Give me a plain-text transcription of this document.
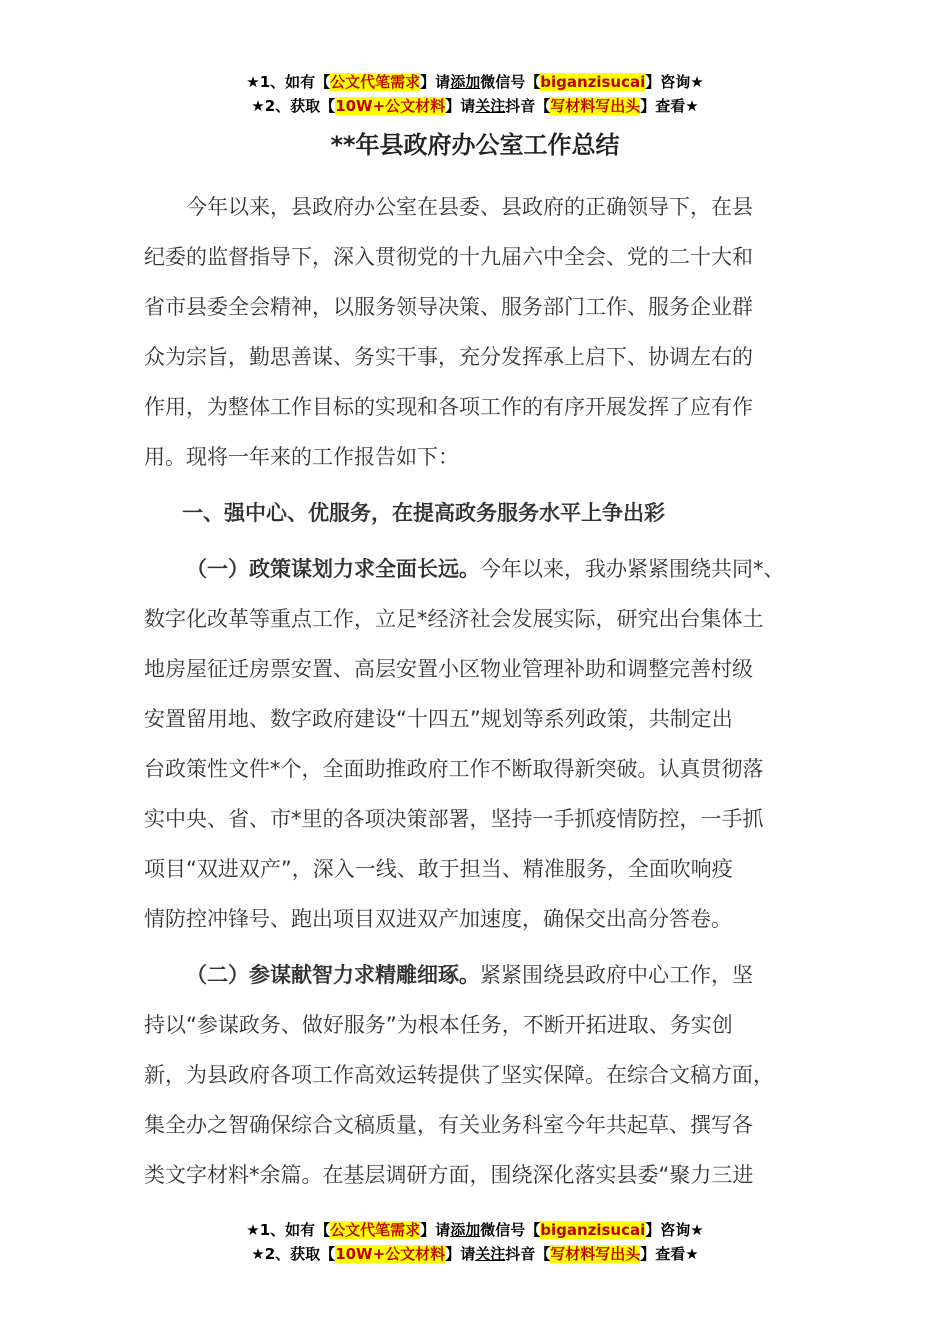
★1、如有【公文代笔需求】请添加微信号【biganzisucai】咨询★
★2、获取【10W+公文材料】请关注抖音【写材料写出头】查看★
**年县政府办公室工作总结

今年以来，县政府办公室在县委、县政府的正确领导下，在县
纪委的监督指导下，深入贯彻党的十九届六中全会、党的二十大和
省市县委全会精神，以服务领导决策、服务部门工作、服务企业群
众为宗旨，勤思善谋、务实干事，充分发挥承上启下、协调左右的
作用，为整体工作目标的实现和各项工作的有序开展发挥了应有作
用。现将一年来的工作报告如下：

一、强中心、优服务，在提高政务服务水平上争出彩

（一）政策谋划力求全面长远。今年以来，我办紧紧围绕共同*、
数字化改革等重点工作，立足*经济社会发展实际，研究出台集体土
地房屋征迁房票安置、高层安置小区物业管理补助和调整完善村级
安置留用地、数字政府建设“十四五”规划等系列政策，共制定出
台政策性文件*个，全面助推政府工作不断取得新突破。认真贯彻落
实中央、省、市*里的各项决策部署，坚持一手抓疫情防控，一手抓
项目“双进双产”，深入一线、敢于担当、精准服务，全面吹响疫
情防控冲锋号、跑出项目双进双产加速度，确保交出高分答卷。

（二）参谋献智力求精雕细琢。紧紧围绕县政府中心工作，坚
持以“参谋政务、做好服务”为根本任务，不断开拓进取、务实创
新，为县政府各项工作高效运转提供了坚实保障。在综合文稿方面，
集全办之智确保综合文稿质量，有关业务科室今年共起草、撰写各
类文字材料*余篇。在基层调研方面，围绕深化落实县委“聚力三进

★1、如有【公文代笔需求】请添加微信号【biganzisucai】咨询★
★2、获取【10W+公文材料】请关注抖音【写材料写出头】查看★
